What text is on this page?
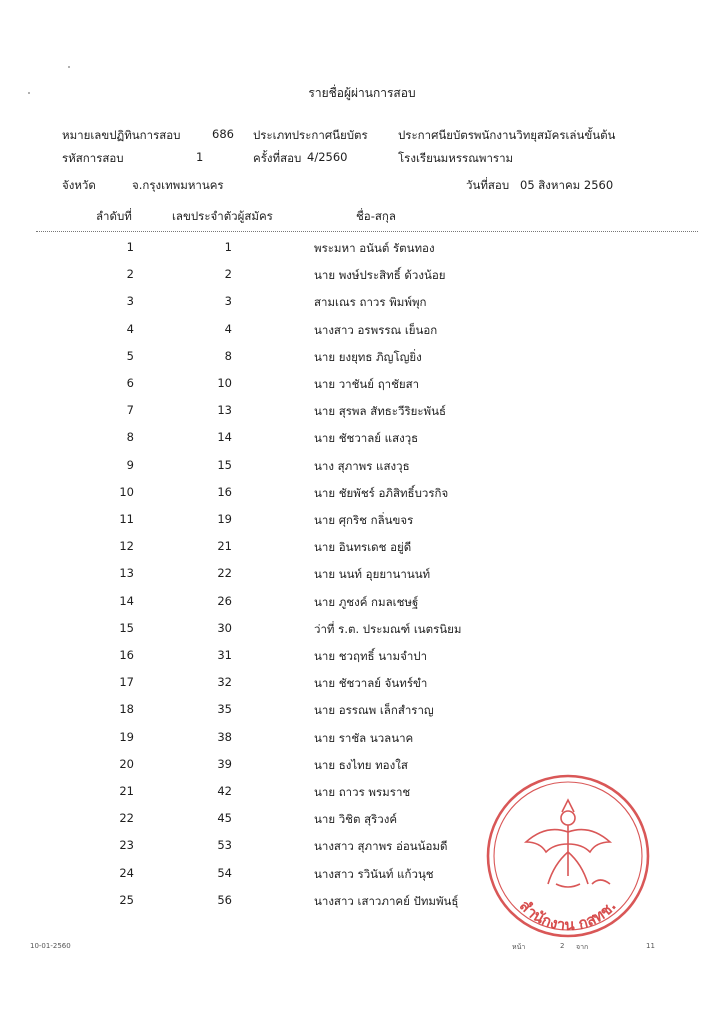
รายชื่อผู้ผ่านการสอบ
หมายเลขปฏิทินการสอบ	686 ประเภทประกาศนียบัตร	ประกาศนียบัตรพนักงานวิทยุสมัครเล่นขั้นต้น
รหัสการสอบ	1	ครั้งที่สอบ 4/2560	โรงเรียนมหรรณพาราม
จังหวัด	จ.กรุงเทพมหานคร	วันที่สอบ 05 สิงหาคม 2560
ลำดับที่	เลขประจำตัวผู้สมัคร	ชื่อ-สกุล
1	1	พระมหา อนันต์ รัตนทอง
2	2	นาย พงษ์ประสิทธิ์ ด้วงน้อย
3	3	สามเณร ถาวร พิมพ์พุก
4	4	นางสาว อรพรรณ เย็นอก
5	8	นาย ยงยุทธ ภิญโญยิ่ง
6	10	นาย วาชันย์ ฤาชัยสา
7	13	นาย สุรพล สัทธะวีริยะพันธ์
8	14	นาย ชัชวาลย์ แสงวุธ
9	15	นาง สุภาพร แสงวุธ
10	16	นาย ชัยพัชร์ อภิสิทธิ์บวรกิจ
11	19	นาย ศุกริช กลิ่นขจร
12	21	นาย อินทรเดช อยู่ดี
13	22	นาย นนท์ อุยยานานนท์
14	26	นาย ภูชงค์ กมลเชษฐ์
15	30	ว่าที่ ร.ต. ประมณฑ์ เนตรนิยม
16	31	นาย ชวฤทธิ์ นามจำปา
17	32	นาย ชัชวาลย์ จันทร์ขำ
18	35	นาย อรรณพ เล็กสำราญ
19	38	นาย ราชัล นวลนาค
20	39	นาย ธงไทย ทองใส
21	42	นาย ถาวร พรมราช
22	45	นาย วิชิต สุริวงค์
23	53	นางสาว สุภาพร อ่อนน้อมดี
24	54	นางสาว รวินันท์ แก้วนุช
25	56	นางสาว เสาวภาคย์ ปัทมพันธุ์	สำนักงาน กสทช.
10-01-2560	หน้า	2 จาก	11
